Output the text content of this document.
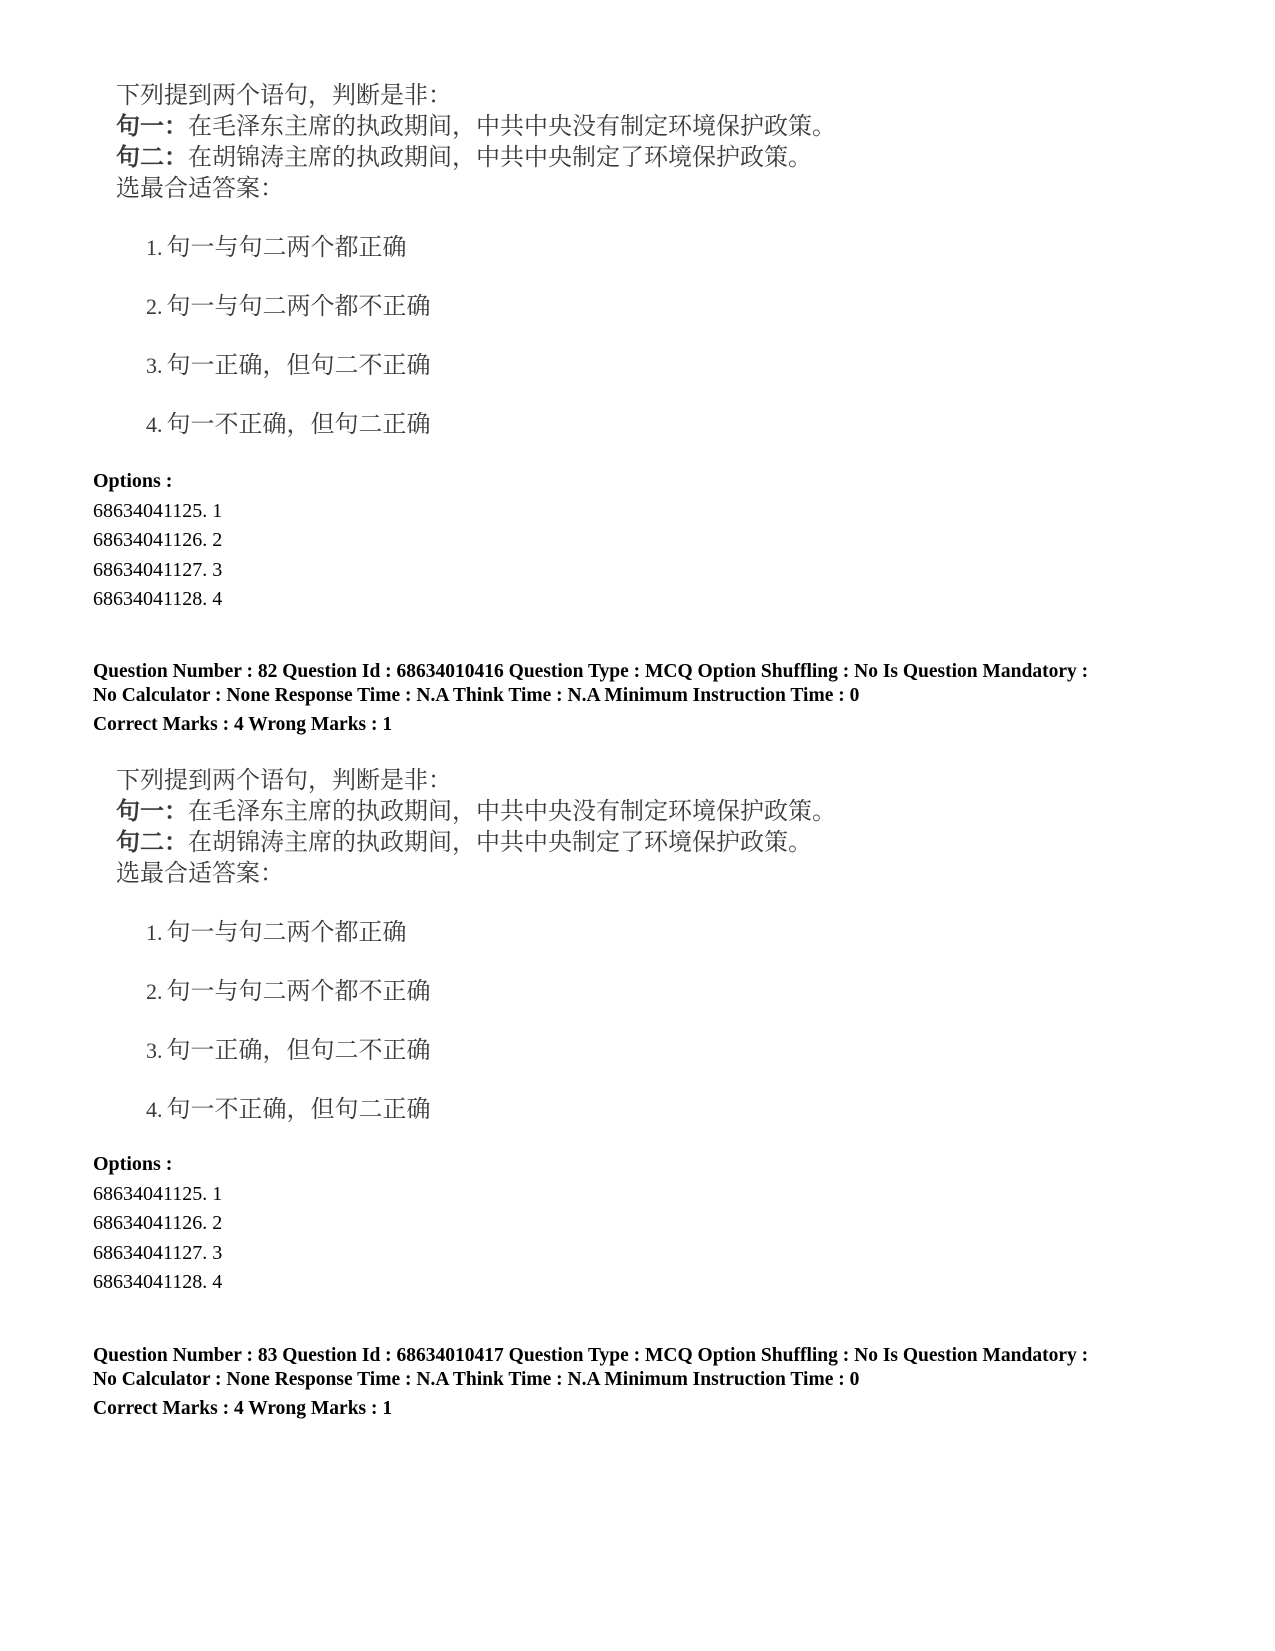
下列提到两个语句，判断是非：
句一：在毛泽东主席的执政期间，中共中央没有制定环境保护政策。
句二：在胡锦涛主席的执政期间，中共中央制定了环境保护政策。
选最合适答案：
1. 句一与句二两个都正确
2. 句一与句二两个都不正确
3. 句一正确，但句二不正确
4. 句一不正确，但句二正确
Options :
68634041125. 1
68634041126. 2
68634041127. 3
68634041128. 4
Question Number : 82 Question Id : 68634010416 Question Type : MCQ Option Shuffling : No Is Question Mandatory :
No Calculator : None Response Time : N.A Think Time : N.A Minimum Instruction Time : 0
Correct Marks : 4 Wrong Marks : 1
下列提到两个语句，判断是非：
句一：在毛泽东主席的执政期间，中共中央没有制定环境保护政策。
句二：在胡锦涛主席的执政期间，中共中央制定了环境保护政策。
选最合适答案：
1. 句一与句二两个都正确
2. 句一与句二两个都不正确
3. 句一正确，但句二不正确
4. 句一不正确，但句二正确
Options :
68634041125. 1
68634041126. 2
68634041127. 3
68634041128. 4
Question Number : 83 Question Id : 68634010417 Question Type : MCQ Option Shuffling : No Is Question Mandatory :
No Calculator : None Response Time : N.A Think Time : N.A Minimum Instruction Time : 0
Correct Marks : 4 Wrong Marks : 1
